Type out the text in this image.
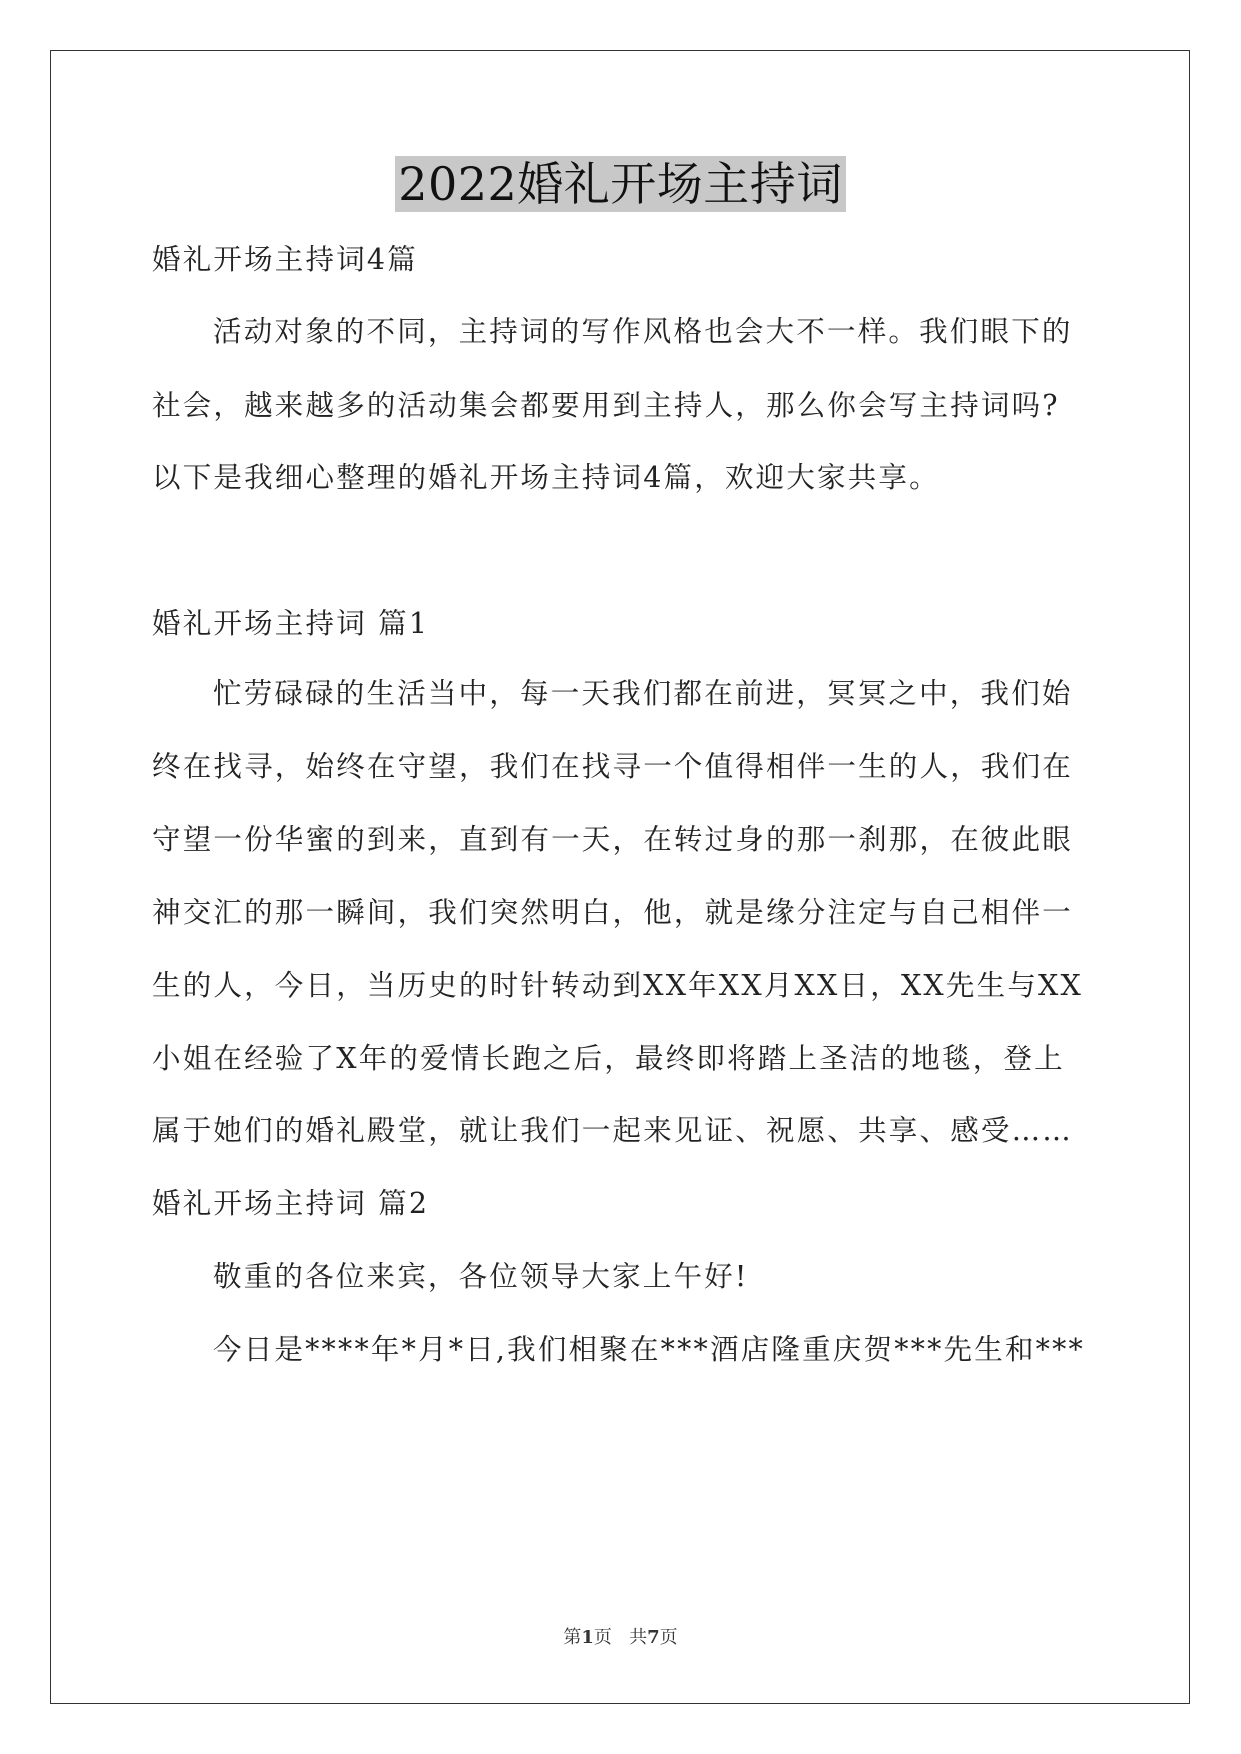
2022婚礼开场主持词
婚礼开场主持词4篇
活动对象的不同，主持词的写作风格也会大不一样。我们眼下的
社会，越来越多的活动集会都要用到主持人，那么你会写主持词吗?
以下是我细心整理的婚礼开场主持词4篇，欢迎大家共享。
婚礼开场主持词 篇1
忙劳碌碌的生活当中，每一天我们都在前进，冥冥之中，我们始
终在找寻，始终在守望，我们在找寻一个值得相伴一生的人，我们在
守望一份华蜜的到来，直到有一天，在转过身的那一刹那，在彼此眼
神交汇的那一瞬间，我们突然明白，他，就是缘分注定与自己相伴一
生的人，今日，当历史的时针转动到XX年XX月XX日，XX先生与XX
小姐在经验了X年的爱情长跑之后，最终即将踏上圣洁的地毯，登上
属于她们的婚礼殿堂，就让我们一起来见证、祝愿、共享、感受……
婚礼开场主持词 篇2
敬重的各位来宾，各位领导大家上午好!
今日是****年*月*日,我们相聚在***酒店隆重庆贺***先生和***
第1页   共7页
